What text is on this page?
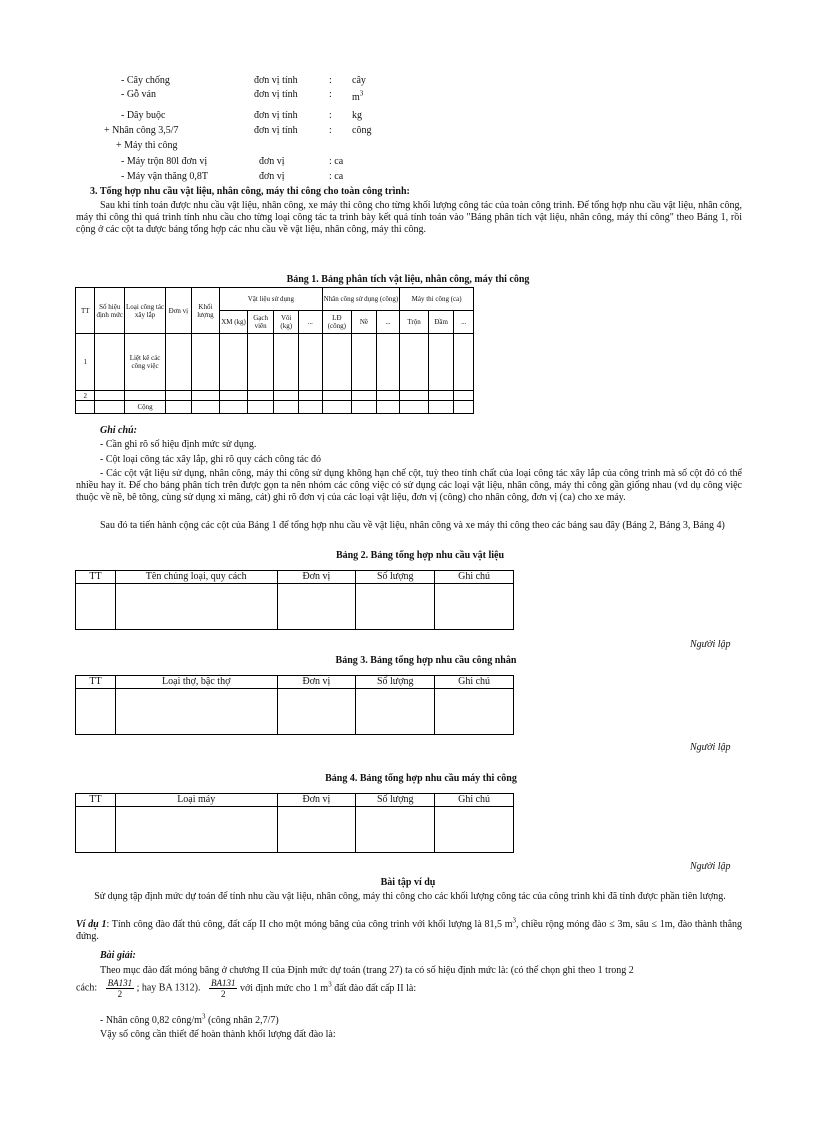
- Cây chống	đơn vị tính	: cây
- Gỗ ván	đơn vị tính	: $m^3$
- Dây buộc	đơn vị tính	: kg
+ Nhân công 3,5/7	đơn vị tính	: công
+ Máy thi công
- Máy trộn 80l đơn vị	đơn vị	: ca
- Máy vận thăng 0,8T	đơn vị	: ca
3. Tổng hợp nhu cầu vật liệu, nhân công, máy thi công cho toàn công trình:
Sau khi tính toán được nhu cầu vật liệu, nhân công, xe máy thi công cho từng khối lượng công tác của toàn công trình. Để tổng hợp nhu cầu vật liệu, nhân công, máy thi công thì quá trình tính nhu cầu cho từng loại công tác ta trình bày kết quả tính toán vào "Bảng phân tích vật liệu, nhân công, máy thi công" theo Bảng 1, rồi cộng ở các cột ta được bảng tổng hợp các nhu cầu về vật liệu, nhân công, máy thi công.
Bảng 1. Bảng phân tích vật liệu, nhân công, máy thi công
TT	Số hiệu định mức	Loại công tác xây lắp	Đơn vị	Khối lượng	Vật liệu sử dụng				Nhân công sử dụng (công)			Máy thi công (ca)		
					XM (kg)	Gạch viên	Vôi (kg)	...	LĐ (công)	Nề	...	Trộn	Đầm	...
1		Liệt kê các công việc												
2														
		Cộng												
Ghi chú:
- Cần ghi rõ số hiệu định mức sử dụng.
- Cột loại công tác xây lắp, ghi rõ quy cách công tác đó
- Các cột vật liệu sử dụng, nhân công, máy thi công sử dụng không hạn chế cột, tuỳ theo tính chất của loại công tác xây lắp của công trình mà số cột đó có thể nhiều hay ít. Để cho bảng phân tích trên được gọn ta nên nhóm các công việc có sử dụng các loại vật liệu, nhân công, máy thi công gần giống nhau (vd dụ công việc thuộc về nề, bê tông, cùng sử dụng xi măng, cát) ghi rõ đơn vị của các loại vật liệu, đơn vị (công) cho nhân công, đơn vị (ca) cho xe máy.
Sau đó ta tiến hành cộng các cột của Bảng 1 để tổng hợp nhu cầu về vật liệu, nhân công và xe máy thi công theo các bảng sau đây (Bảng 2, Bảng 3, Bảng 4)
Bảng 2. Bảng tổng hợp nhu cầu vật liệu
TT	Tên chủng loại, quy cách	Đơn vị	Số lượng	Ghi chú

Người lập
Bảng 3. Bảng tổng hợp nhu cầu công nhân
TT	Loại thợ, bậc thợ	Đơn vị	Số lượng	Ghi chú

Người lập
Bảng 4. Bảng tổng hợp nhu cầu máy thi công
TT	Loại máy	Đơn vị	Số lượng	Ghi chú

Người lập
Bài tập ví dụ
Sử dụng tập định mức dự toán để tính nhu cầu vật liệu, nhân công, máy thi công cho các khối lượng công tác của công trình khi đã tính được phần tiên lượng.
Ví dụ 1: Tính công đào đất thủ công, đất cấp II cho một móng băng của công trình với khối lượng là 81,5 $m^3$, chiều rộng móng đào ≤ 3m, sâu ≤ 1m, đào thành thẳng đứng.
Bài giải:
Theo mục đào đất móng băng ở chương II của Định mức dự toán (trang 27) ta có số hiệu định mức là: (có thể chọn ghi theo 1 trong 2
cách: $\frac{BA131}{2}$ ; hay BA 1312). $\frac{BA131}{2}$ với định mức cho 1 $m^3$ đất đào đất cấp II là:
- Nhân công 0,82 công/$m^3$ (công nhân 2,7/7)
Vậy số công cần thiết để hoàn thành khối lượng đất đào là:
